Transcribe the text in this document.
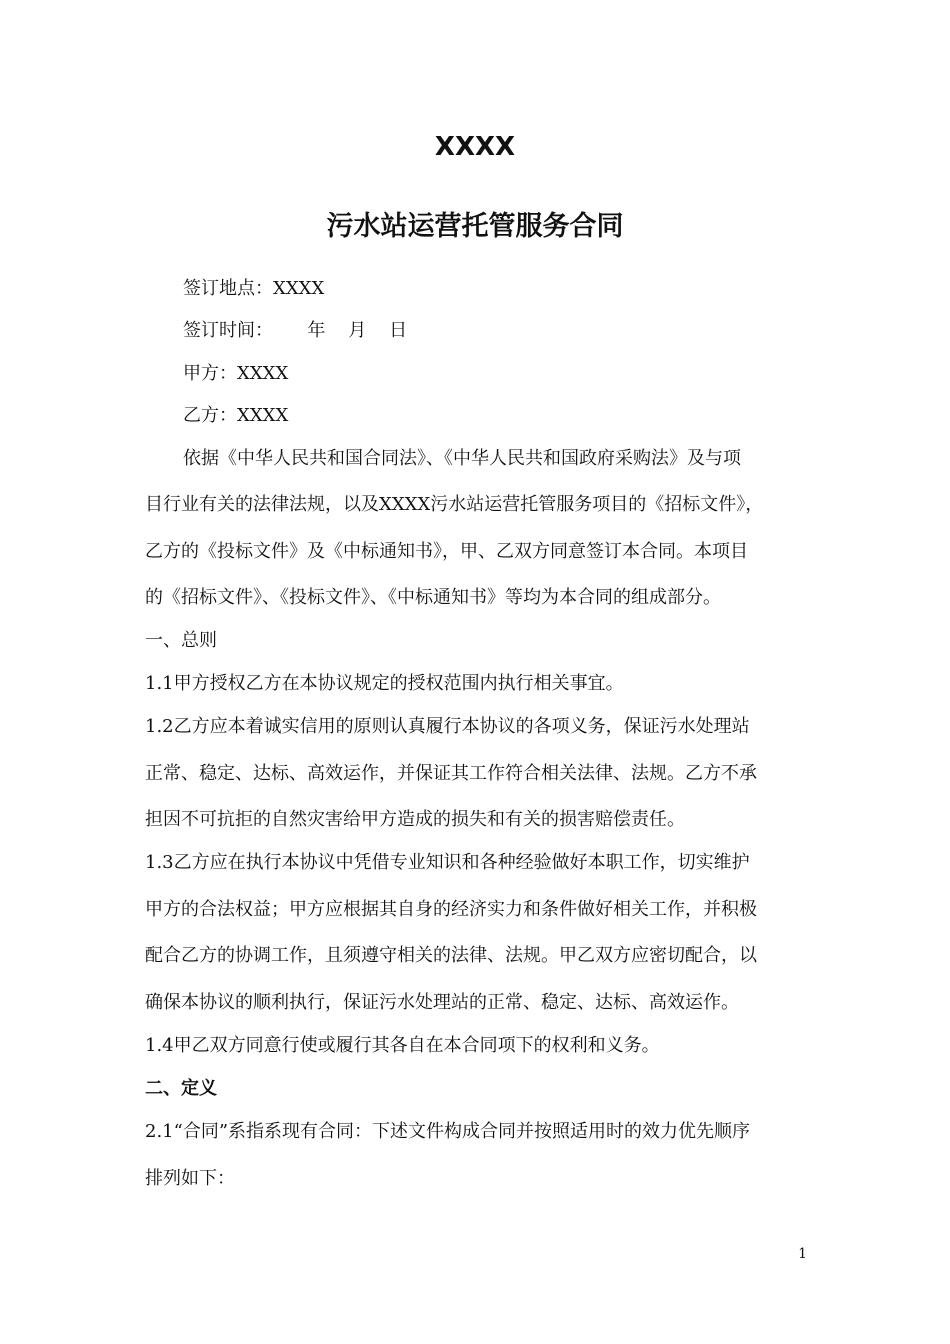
XXXX
污水站运营托管服务合同
签订地点：XXXX
签订时间：      年    月    日
甲方：XXXX
乙方：XXXX
依据《中华人民共和国合同法》、《中华人民共和国政府采购法》及与项
目行业有关的法律法规，以及XXXX污水站运营托管服务项目的《招标文件》，
乙方的《投标文件》及《中标通知书》，甲、乙双方同意签订本合同。本项目
的《招标文件》、《投标文件》、《中标通知书》等均为本合同的组成部分。
一、总则
1.1甲方授权乙方在本协议规定的授权范围内执行相关事宜。
1.2乙方应本着诚实信用的原则认真履行本协议的各项义务，保证污水处理站
正常、稳定、达标、高效运作，并保证其工作符合相关法律、法规。乙方不承
担因不可抗拒的自然灾害给甲方造成的损失和有关的损害赔偿责任。
1.3乙方应在执行本协议中凭借专业知识和各种经验做好本职工作，切实维护
甲方的合法权益；甲方应根据其自身的经济实力和条件做好相关工作，并积极
配合乙方的协调工作，且须遵守相关的法律、法规。甲乙双方应密切配合，以
确保本协议的顺利执行，保证污水处理站的正常、稳定、达标、高效运作。
1.4甲乙双方同意行使或履行其各自在本合同项下的权利和义务。
二、定义
2.1“合同”系指系现有合同：下述文件构成合同并按照适用时的效力优先顺序
排列如下：
1
